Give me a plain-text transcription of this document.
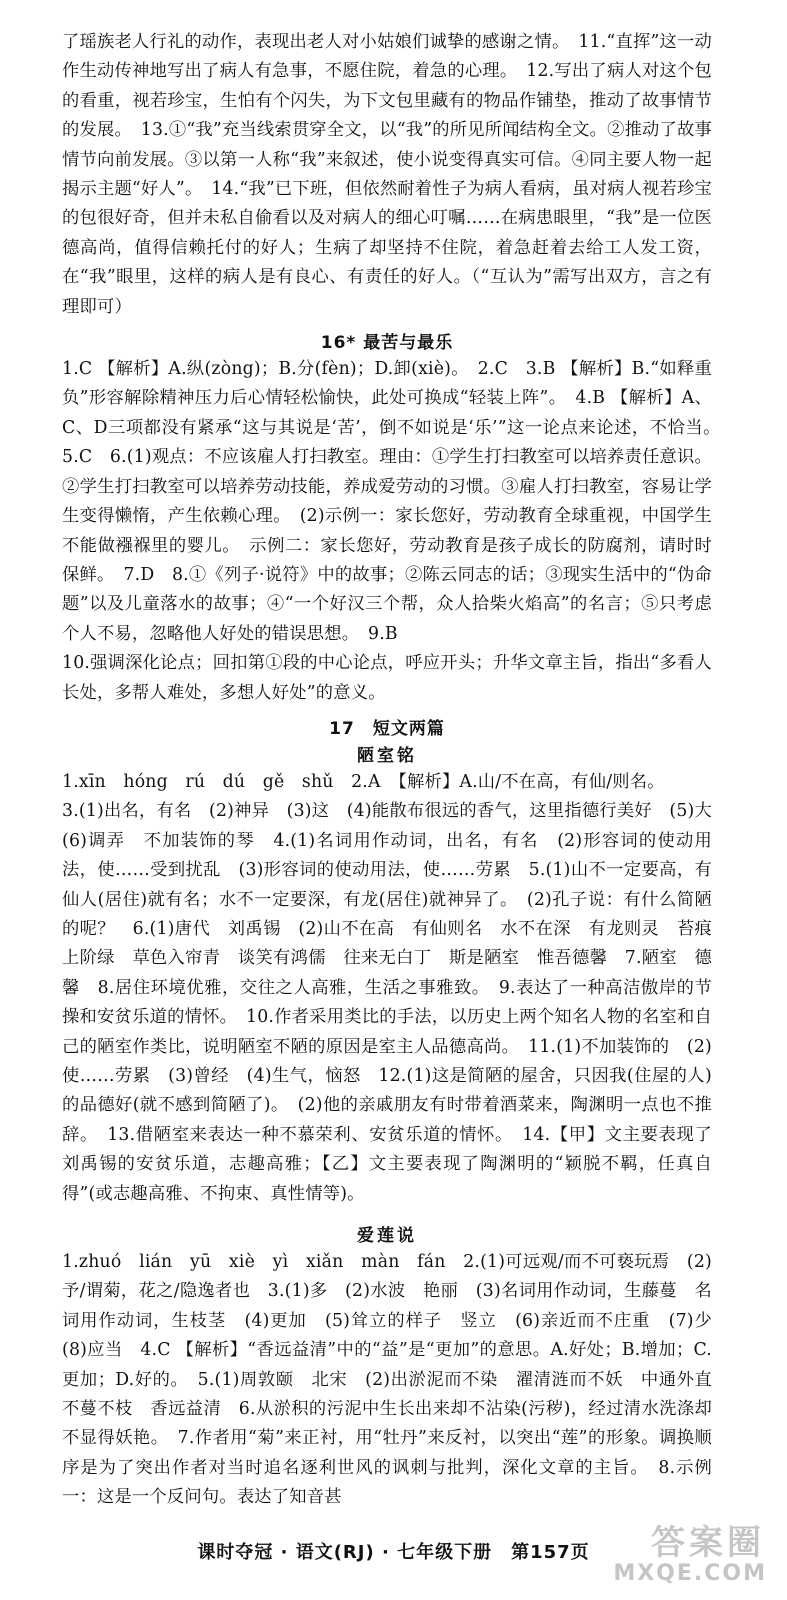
了瑶族老人行礼的动作，表现出老人对小姑娘们诚挚的感谢之情。　11.“直挥”这一动作生动传神地写出了病人有急事，不愿住院，着急的心理。　12.写出了病人对这个包的看重，视若珍宝，生怕有个闪失，为下文包里藏有的物品作铺垫，推动了故事情节的发展。　13.①“我”充当线索贯穿全文，以“我”的所见所闻结构全文。②推动了故事情节向前发展。③以第一人称“我”来叙述，使小说变得真实可信。④同主要人物一起揭示主题“好人”。　14.“我”已下班，但依然耐着性子为病人看病，虽对病人视若珍宝的包很好奇，但并未私自偷看以及对病人的细心叮嘱……在病患眼里，“我”是一位医德高尚，值得信赖托付的好人；生病了却坚持不住院，着急赶着去给工人发工资，在“我”眼里，这样的病人是有良心、有责任的好人。（“互认为”需写出双方，言之有理即可）

16* 最苦与最乐

1.C 【解析】A.纵(zòng)；B.分(fèn)；D.卸(xiè)。　2.C　3.B 【解析】B.“如释重负”形容解除精神压力后心情轻松愉快，此处可换成“轻装上阵”。　4.B 【解析】A、C、D三项都没有紧承“这与其说是‘苦’，倒不如说是‘乐’”这一论点来论述，不恰当。　5.C　6.(1)观点：不应该雇人打扫教室。理由：①学生打扫教室可以培养责任意识。②学生打扫教室可以培养劳动技能，养成爱劳动的习惯。③雇人打扫教室，容易让学生变得懒惰，产生依赖心理。　(2)示例一：家长您好，劳动教育全球重视，中国学生不能做襁褓里的婴儿。　示例二：家长您好，劳动教育是孩子成长的防腐剂，请时时保鲜。　7.D　8.①《列子·说符》中的故事；②陈云同志的话；③现实生活中的“伪命题”以及儿童落水的故事；④“一个好汉三个帮，众人拾柴火焰高”的名言；⑤只考虑个人不易，忽略他人好处的错误思想。　9.B

10.强调深化论点；回扣第①段的中心论点，呼应开头；升华文章主旨，指出“多看人长处，多帮人难处，多想人好处”的意义。

17　短文两篇
陋室铭

1.xīn　hóng　rú　dú　gě　shǔ　2.A　【解析】A.山/不在高，有仙/则名。

3.(1)出名，有名　(2)神异　(3)这　(4)能散布很远的香气，这里指德行美好　(5)大　(6)调弄　不加装饰的琴　4.(1)名词用作动词，出名，有名　(2)形容词的使动用法，使……受到扰乱　(3)形容词的使动用法，使……劳累　5.(1)山不一定要高，有仙人(居住)就有名；水不一定要深，有龙(居住)就神异了。　(2)孔子说：有什么简陋的呢？　6.(1)唐代　刘禹锡　(2)山不在高　有仙则名　水不在深　有龙则灵　苔痕上阶绿　草色入帘青　谈笑有鸿儒　往来无白丁　斯是陋室　惟吾德馨　7.陋室　德馨　8.居住环境优雅，交往之人高雅，生活之事雅致。　9.表达了一种高洁傲岸的节操和安贫乐道的情怀。　10.作者采用类比的手法，以历史上两个知名人物的名室和自己的陋室作类比，说明陋室不陋的原因是室主人品德高尚。　11.(1)不加装饰的　(2)使……劳累　(3)曾经　(4)生气，恼怒　12.(1)这是简陋的屋舍，只因我(住屋的人)的品德好(就不感到简陋了)。　(2)他的亲戚朋友有时带着酒菜来，陶渊明一点也不推辞。　13.借陋室来表达一种不慕荣利、安贫乐道的情怀。　14.【甲】文主要表现了刘禹锡的安贫乐道，志趣高雅；【乙】文主要表现了陶渊明的“颖脱不羁，任真自得”(或志趣高雅、不拘束、真性情等)。

爱莲说

1.zhuó　lián　yū　xiè　yì　xiǎn　màn　fán　2.(1)可远观/而不可亵玩焉　(2)予/谓菊，花之/隐逸者也　3.(1)多　(2)水波　艳丽　(3)名词用作动词，生藤蔓　名词用作动词，生枝茎　(4)更加　(5)耸立的样子　竖立　(6)亲近而不庄重　(7)少　(8)应当　4.C 【解析】“香远益清”中的“益”是“更加”的意思。A.好处；B.增加；C.更加；D.好的。　5.(1)周敦颐　北宋　(2)出淤泥而不染　濯清涟而不妖　中通外直　不蔓不枝　香远益清　6.从淤积的污泥中生长出来却不沾染(污秽)，经过清水洗涤却不显得妖艳。　7.作者用“菊”来正衬，用“牡丹”来反衬，以突出“莲”的形象。调换顺序是为了突出作者对当时追名逐利世风的讽刺与批判，深化文章的主旨。　8.示例一：这是一个反问句。表达了知音甚

课时夺冠 · 语文(RJ) · 七年级下册　第157页	答案圈
MXQE.COM
